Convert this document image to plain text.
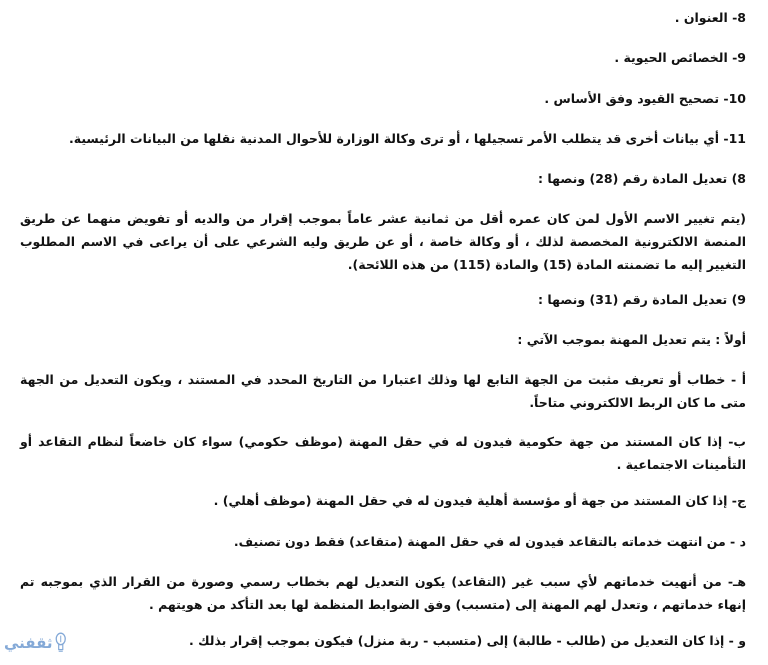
8- العنوان .

9- الخصائص الحيوية .

10- تصحيح القيود وفق الأساس .

11- أي بيانات أخرى قد يتطلب الأمر تسجيلها ، أو ترى وكالة الوزارة للأحوال المدنية نقلها من البيانات الرئيسية.

8) تعديل المادة رقم (28) ونصها :

(يتم تغيير الاسم الأول لمن كان عمره أقل من ثمانية عشر عاماً بموجب إقرار من والديه أو تفويض منهما عن طريق المنصة الالكترونية المخصصة لذلك ، أو وكالة خاصة ، أو عن طريق وليه الشرعي على أن يراعى في الاسم المطلوب التغيير إليه ما تضمنته المادة (15) والمادة (115) من هذه اللائحة).

9) تعديل المادة رقم (31) ونصها :

أولاً : يتم تعديل المهنة بموجب الآتي :

أ - خطاب أو تعريف مثبت من الجهة التابع لها وذلك اعتبارا من التاريخ المحدد في المستند ، ويكون التعديل من الجهة متى ما كان الربط الالكتروني متاحاً.

ب- إذا كان المستند من جهة حكومية فيدون له في حقل المهنة (موظف حكومي) سواء كان خاضعاً لنظام التقاعد أو التأمينات الاجتماعية .

ج- إذا كان المستند من جهة أو مؤسسة أهلية فيدون له في حقل المهنة (موظف أهلي) .

د - من انتهت خدماته بالتقاعد فيدون له في حقل المهنة (متقاعد) فقط دون تصنيف.

هـ- من أنهيت خدماتهم لأي سبب غير (التقاعد) يكون التعديل لهم بخطاب رسمي وصورة من القرار الذي بموجبه تم إنهاء خدماتهم ، وتعدل لهم المهنة إلى (متسبب) وفق الضوابط المنظمة لها بعد التأكد من هويتهم .

و - إذا كان التعديل من (طالب - طالبة) إلى (متسبب - ربة منزل) فيكون بموجب إقرار بذلك .

ثقفني
